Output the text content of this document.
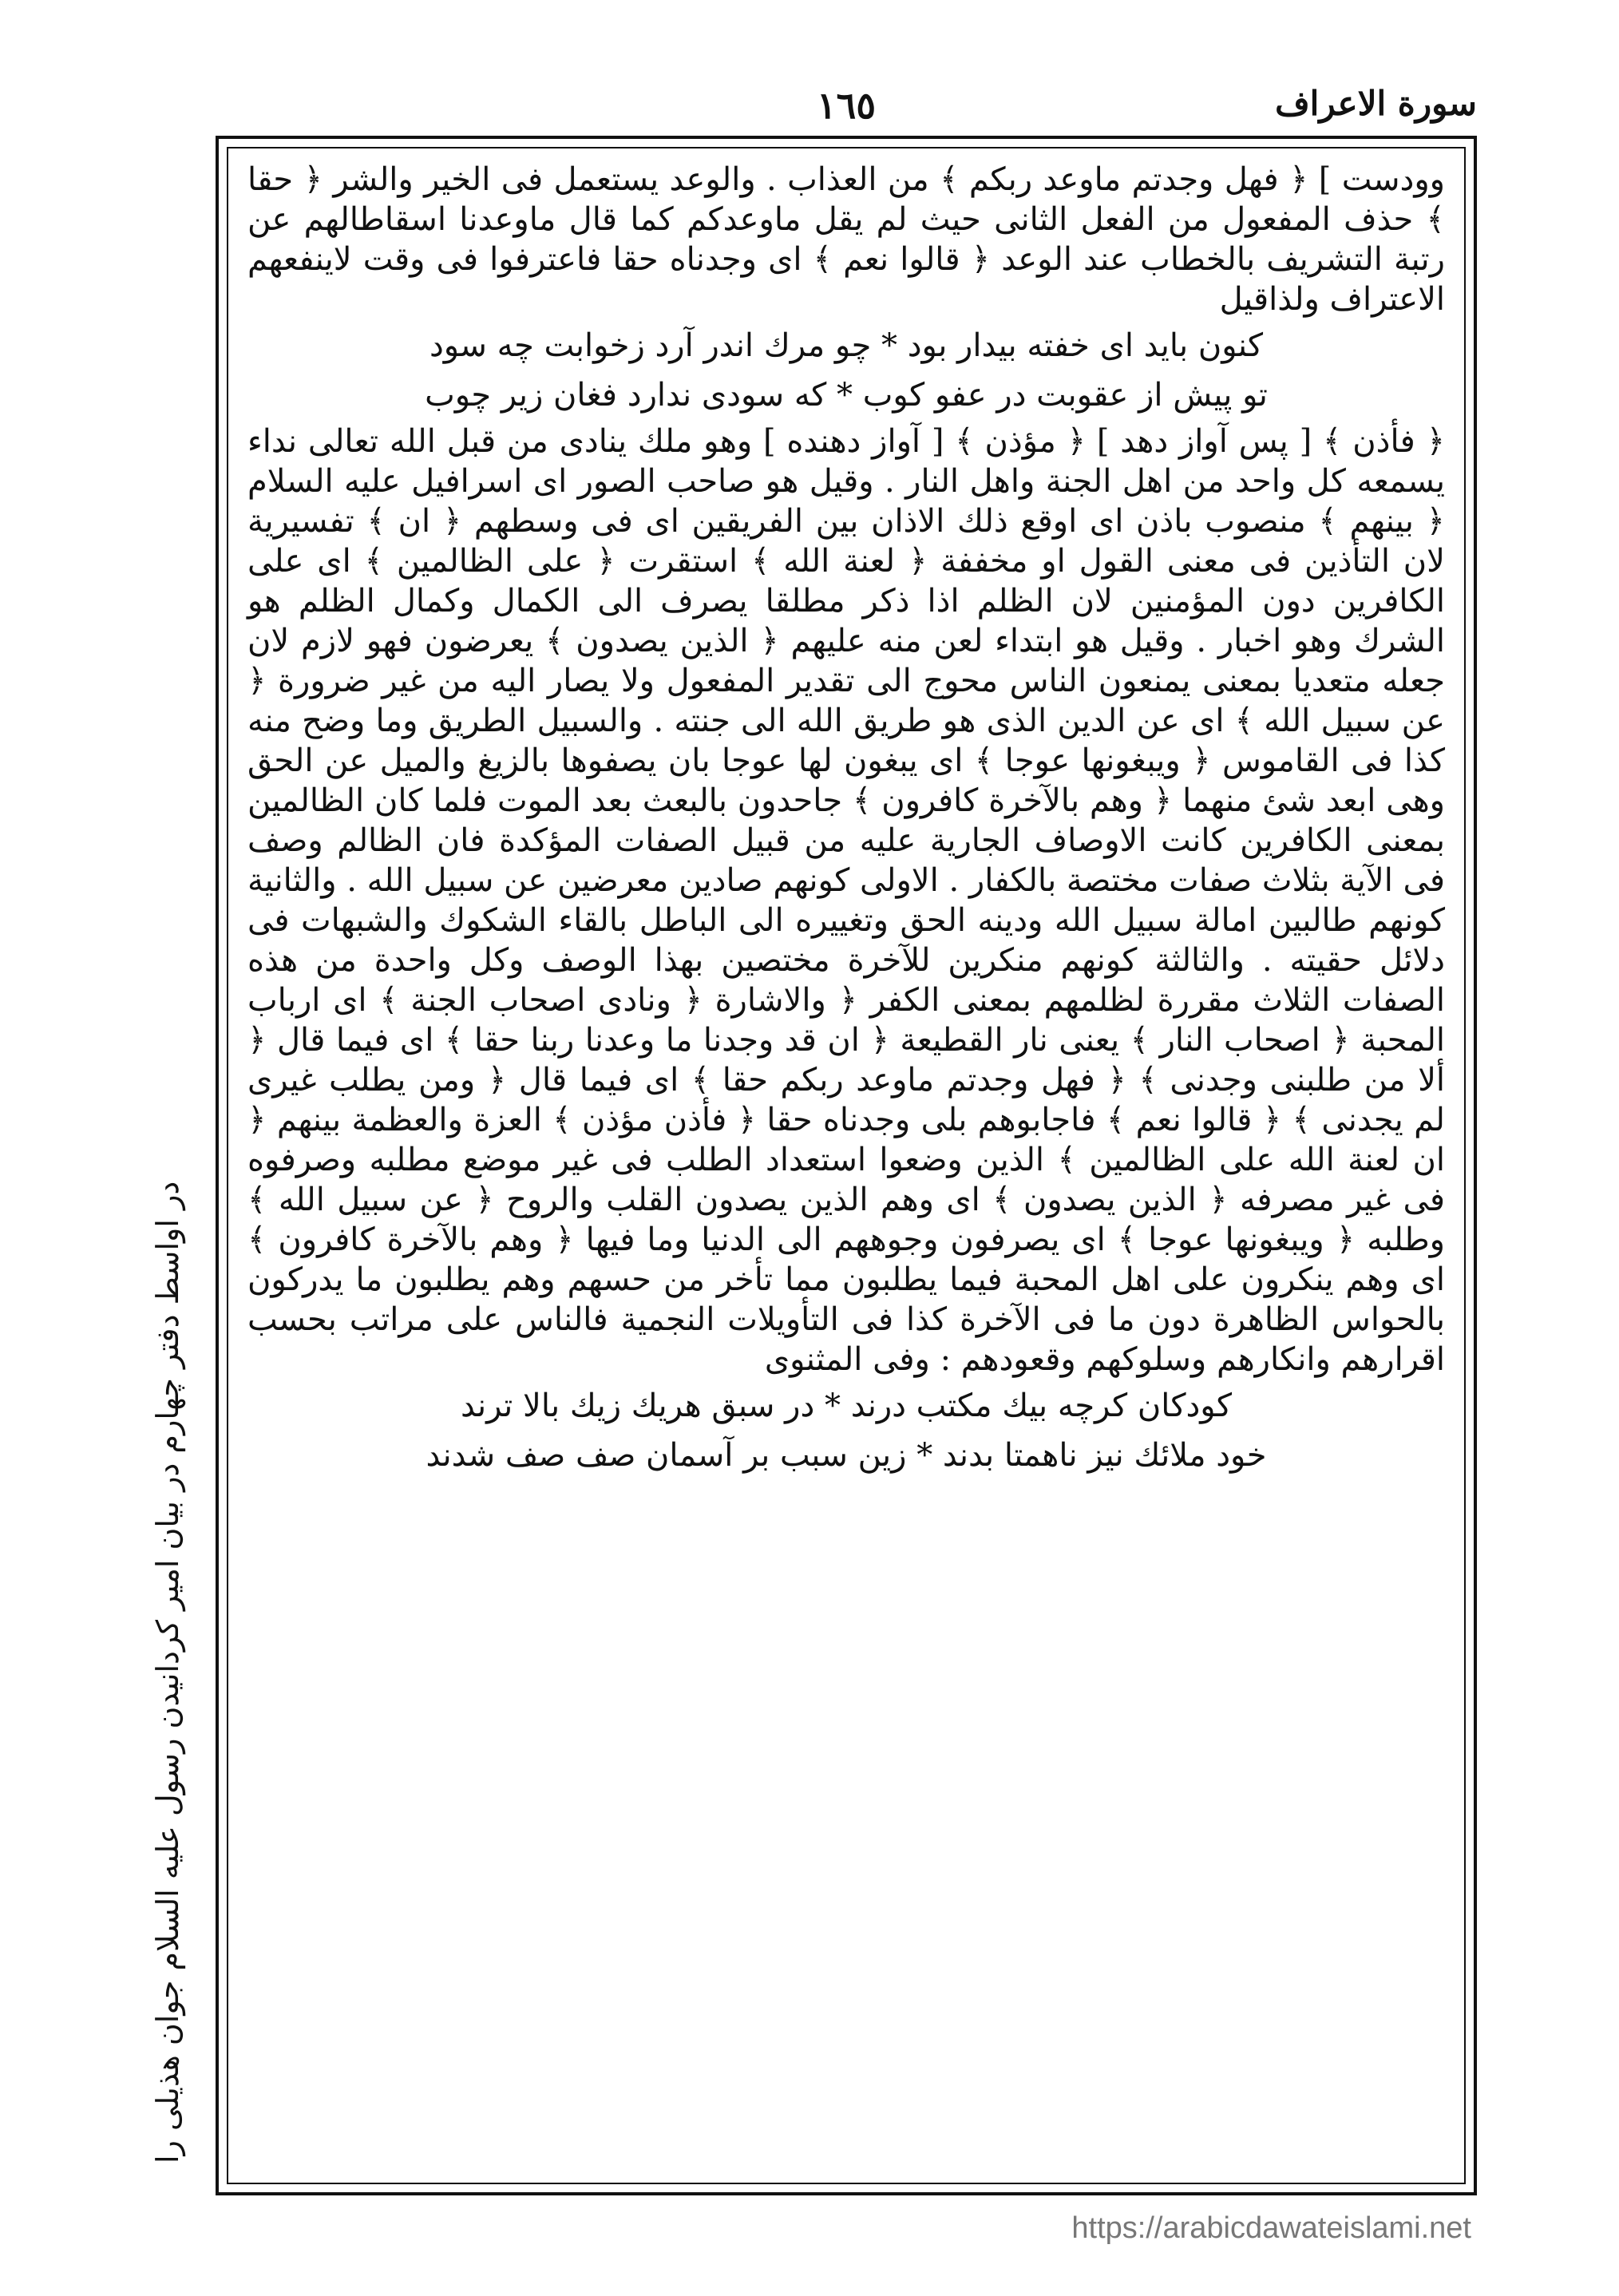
١٦٥	سورة الاعراف

وودست ] ﴿ فهل وجدتم ماوعد ربكم ﴾ من العذاب . والوعد يستعمل فى الخير والشر ﴿ حقا ﴾ حذف المفعول من الفعل الثانى حيث لم يقل ماوعدكم كما قال ماوعدنا اسقاطالهم عن رتبة التشريف بالخطاب عند الوعد ﴿ قالوا نعم ﴾ اى وجدناه حقا فاعترفوا فى وقت لاينفعهم الاعتراف ولذاقيل

كنون بايد اى خفته بيدار بود * چو مرك اندر آرد زخوابت چه سود
تو پيش از عقوبت در عفو كوب * كه سودى ندارد فغان زير چوب

﴿ فأذن ﴾ [ پس آواز دهد ] ﴿ مؤذن ﴾ [ آواز دهنده ] وهو ملك ينادى من قبل الله تعالى نداء يسمعه كل واحد من اهل الجنة واهل النار . وقيل هو صاحب الصور اى اسرافيل عليه السلام ﴿ بينهم ﴾ منصوب باذن اى اوقع ذلك الاذان بين الفريقين اى فى وسطهم ﴿ ان ﴾ تفسيرية لان التأذين فى معنى القول او مخففة ﴿ لعنة الله ﴾ استقرت ﴿ على الظالمين ﴾ اى على الكافرين دون المؤمنين لان الظلم اذا ذكر مطلقا يصرف الى الكمال وكمال الظلم هو الشرك وهو اخبار . وقيل هو ابتداء لعن منه عليهم ﴿ الذين يصدون ﴾ يعرضون فهو لازم لان جعله متعديا بمعنى يمنعون الناس محوج الى تقدير المفعول ولا يصار اليه من غير ضرورة ﴿ عن سبيل الله ﴾ اى عن الدين الذى هو طريق الله الى جنته . والسبيل الطريق وما وضح منه كذا فى القاموس ﴿ ويبغونها عوجا ﴾ اى يبغون لها عوجا بان يصفوها بالزيغ والميل عن الحق وهى ابعد شئ منهما ﴿ وهم بالآخرة كافرون ﴾ جاحدون بالبعث بعد الموت فلما كان الظالمين بمعنى الكافرين كانت الاوصاف الجارية عليه من قبيل الصفات المؤكدة فان الظالم وصف فى الآية بثلاث صفات مختصة بالكفار . الاولى كونهم صادين معرضين عن سبيل الله . والثانية كونهم طالبين امالة سبيل الله ودينه الحق وتغييره الى الباطل بالقاء الشكوك والشبهات فى دلائل حقيته . والثالثة كونهم منكرين للآخرة مختصين بهذا الوصف وكل واحدة من هذه الصفات الثلاث مقررة لظلمهم بمعنى الكفر ﴿ والاشارة ﴿ ونادى اصحاب الجنة ﴾ اى ارباب المحبة ﴿ اصحاب النار ﴾ يعنى نار القطيعة ﴿ ان قد وجدنا ما وعدنا ربنا حقا ﴾ اى فيما قال ﴿ ألا من طلبنى وجدنى ﴾ ﴿ فهل وجدتم ماوعد ربكم حقا ﴾ اى فيما قال ﴿ ومن يطلب غيرى لم يجدنى ﴾ ﴿ قالوا نعم ﴾ فاجابوهم بلى وجدناه حقا ﴿ فأذن مؤذن ﴾ العزة والعظمة بينهم ﴿ ان لعنة الله على الظالمين ﴾ الذين وضعوا استعداد الطلب فى غير موضع مطلبه وصرفوه فى غير مصرفه ﴿ الذين يصدون ﴾ اى وهم الذين يصدون القلب والروح ﴿ عن سبيل الله ﴾ وطلبه ﴿ ويبغونها عوجا ﴾ اى يصرفون وجوههم الى الدنيا وما فيها ﴿ وهم بالآخرة كافرون ﴾ اى وهم ينكرون على اهل المحبة فيما يطلبون مما تأخر من حسهم وهم يطلبون ما يدركون بالحواس الظاهرة دون ما فى الآخرة كذا فى التأويلات النجمية فالناس على مراتب بحسب اقرارهم وانكارهم وسلوكهم وقعودهم : وفى المثنوى

كودكان كرچه بيك مكتب درند * در سبق هريك زيك بالا ترند
خود ملائك نيز ناهمتا بدند * زين سبب بر آسمان صف صف شدند
در اواسط دفتر چهارم در بيان امير كردانيدن رسول عليه السلام جوان هذيلى را
https://arabicdawateislami.net
